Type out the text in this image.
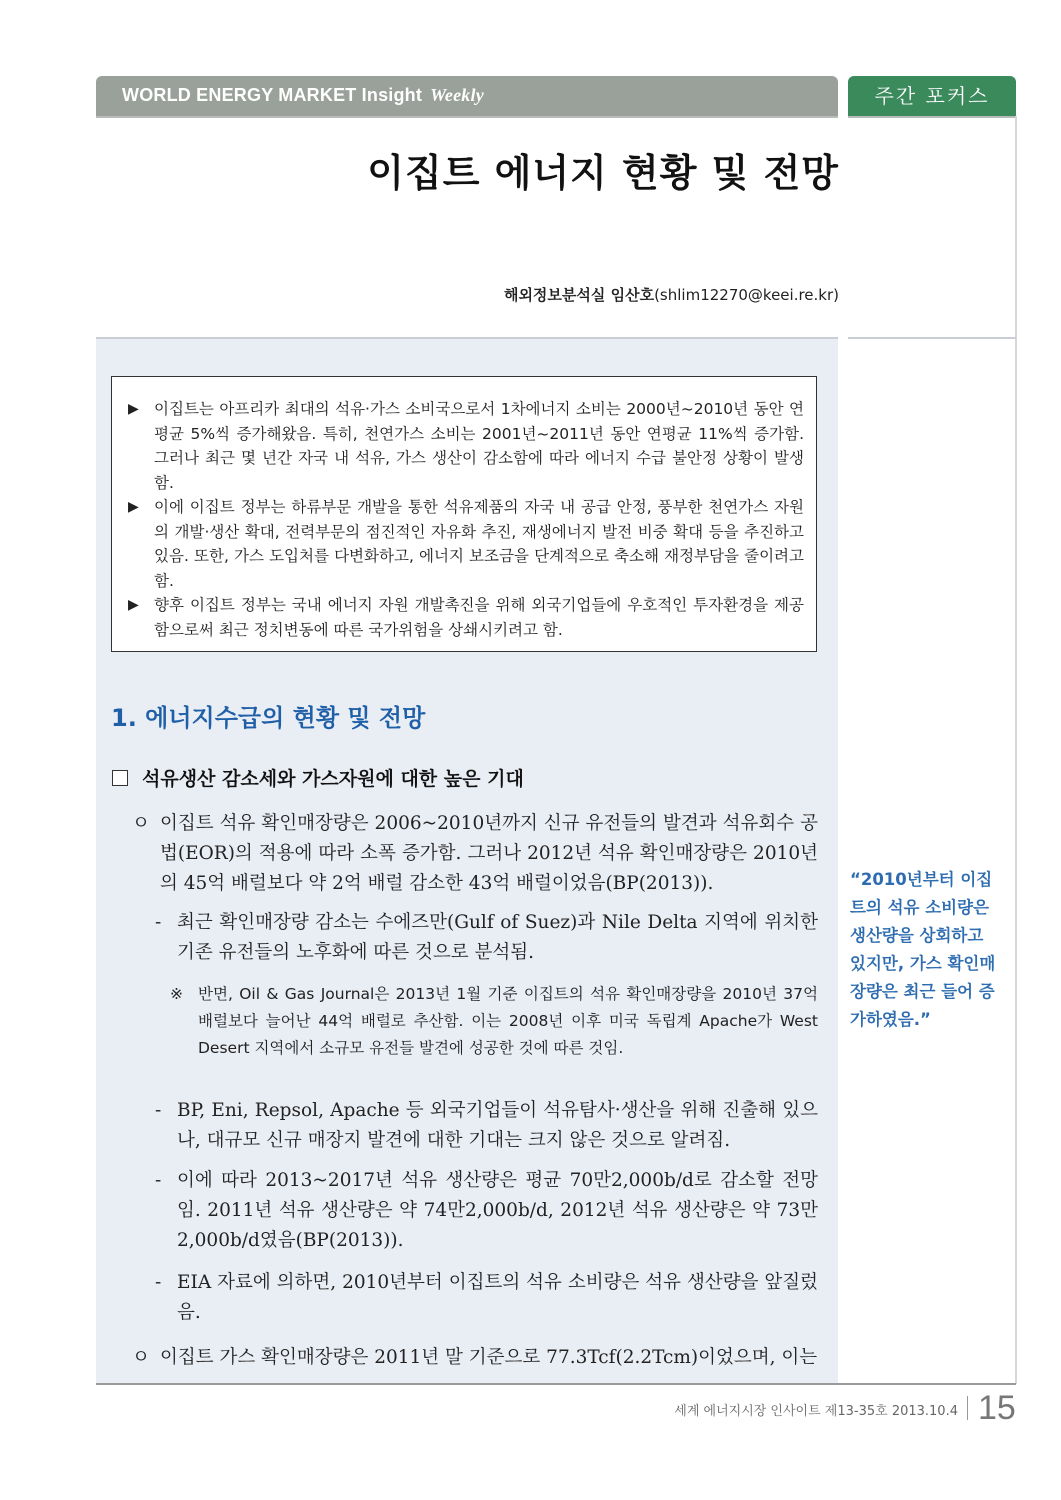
WORLD ENERGY MARKET Insight Weekly	주간 포커스
이집트 에너지 현황 및 전망
해외정보분석실 임산호(shlim12270@keei.re.kr)
▶ 이집트는 아프리카 최대의 석유·가스 소비국으로서 1차에너지 소비는 2000년~2010년 동안 연평균 5%씩 증가해왔음. 특히, 천연가스 소비는 2001년~2011년 동안 연평균 11%씩 증가함. 그러나 최근 몇 년간 자국 내 석유, 가스 생산이 감소함에 따라 에너지 수급 불안정 상황이 발생함.
▶ 이에 이집트 정부는 하류부문 개발을 통한 석유제품의 자국 내 공급 안정, 풍부한 천연가스 자원의 개발·생산 확대, 전력부문의 점진적인 자유화 추진, 재생에너지 발전 비중 확대 등을 추진하고 있음. 또한, 가스 도입처를 다변화하고, 에너지 보조금을 단계적으로 축소해 재정부담을 줄이려고 함.
▶ 향후 이집트 정부는 국내 에너지 자원 개발촉진을 위해 외국기업들에 우호적인 투자환경을 제공함으로써 최근 정치변동에 따른 국가위험을 상쇄시키려고 함.
1. 에너지수급의 현황 및 전망
석유생산 감소세와 가스자원에 대한 높은 기대
ㅇ 이집트 석유 확인매장량은 2006~2010년까지 신규 유전들의 발견과 석유회수 공법(EOR)의 적용에 따라 소폭 증가함. 그러나 2012년 석유 확인매장량은 2010년의 45억 배럴보다 약 2억 배럴 감소한 43억 배럴이었음(BP(2013)).
- 최근 확인매장량 감소는 수에즈만(Gulf of Suez)과 Nile Delta 지역에 위치한 기존 유전들의 노후화에 따른 것으로 분석됨.
※ 반면, Oil & Gas Journal은 2013년 1월 기준 이집트의 석유 확인매장량을 2010년 37억 배럴보다 늘어난 44억 배럴로 추산함. 이는 2008년 이후 미국 독립계 Apache가 West Desert 지역에서 소규모 유전들 발견에 성공한 것에 따른 것임.
- BP, Eni, Repsol, Apache 등 외국기업들이 석유탐사·생산을 위해 진출해 있으나, 대규모 신규 매장지 발견에 대한 기대는 크지 않은 것으로 알려짐.
- 이에 따라 2013~2017년 석유 생산량은 평균 70만2,000b/d로 감소할 전망임. 2011년 석유 생산량은 약 74만2,000b/d, 2012년 석유 생산량은 약 73만2,000b/d였음(BP(2013)).
- EIA 자료에 의하면, 2010년부터 이집트의 석유 소비량은 석유 생산량을 앞질렀음.
ㅇ 이집트 가스 확인매장량은 2011년 말 기준으로 77.3Tcf(2.2Tcm)이었으며, 이는
“2010년부터 이집트의 석유 소비량은 생산량을 상회하고 있지만, 가스 확인매장량은 최근 들어 증가하였음.”
세계 에너지시장 인사이트 제13-35호 2013.10.4 15
